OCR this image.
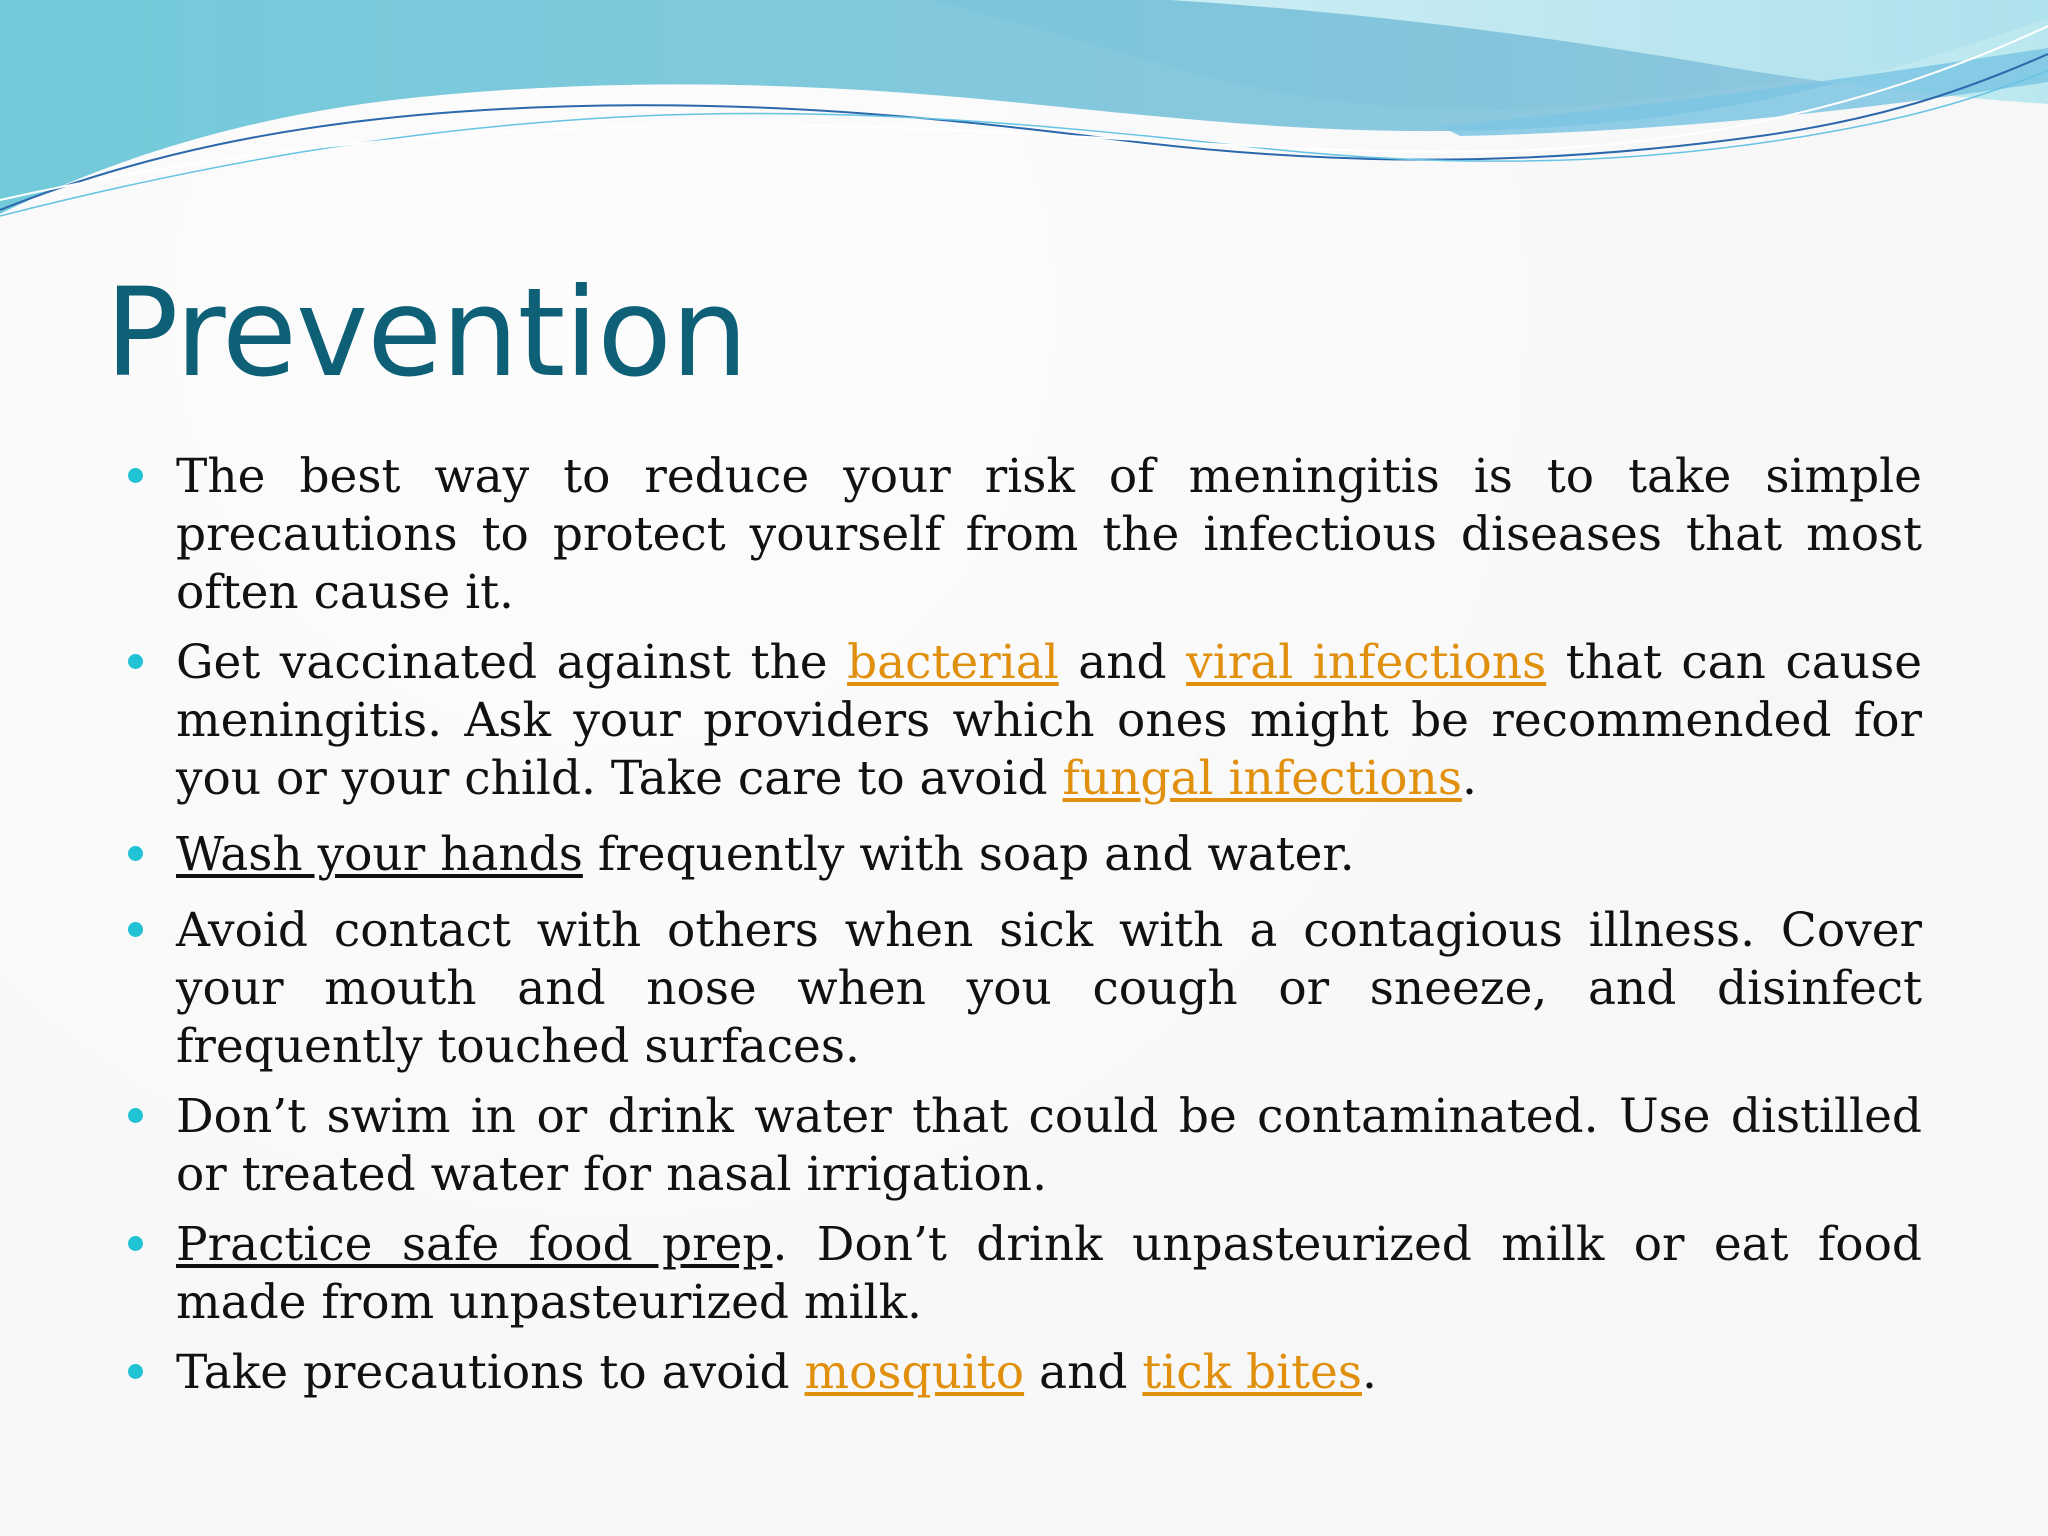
Prevention
The best way to reduce your risk of meningitis is to take simple precautions to protect yourself from the infectious diseases that most often cause it.
Get vaccinated against the bacterial and viral infections that can cause meningitis. Ask your providers which ones might be recommended for you or your child. Take care to avoid fungal infections.
Wash your hands frequently with soap and water.
Avoid contact with others when sick with a contagious illness. Cover your mouth and nose when you cough or sneeze, and disinfect frequently touched surfaces.
Don’t swim in or drink water that could be contaminated. Use distilled or treated water for nasal irrigation.
Practice safe food prep. Don’t drink unpasteurized milk or eat food made from unpasteurized milk.
Take precautions to avoid mosquito and tick bites.
